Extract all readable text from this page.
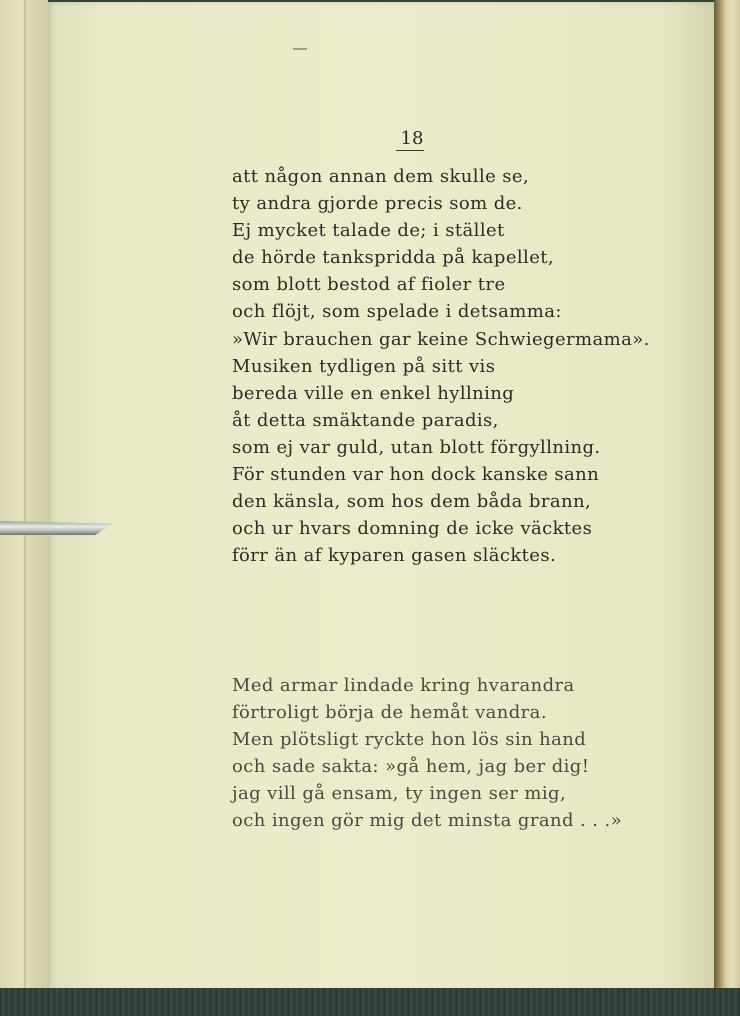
18
att någon annan dem skulle se,
ty andra gjorde precis som de.
Ej mycket talade de; i stället
de hörde tankspridda på kapellet,
som blott bestod af fioler tre
och flöjt, som spelade i detsamma:
»Wir brauchen gar keine Schwiegermama».
Musiken tydligen på sitt vis
bereda ville en enkel hyllning
åt detta smäktande paradis,
som ej var guld, utan blott förgyllning.
För stunden var hon dock kanske sann
den känsla, som hos dem båda brann,
och ur hvars domning de icke väcktes
förr än af kyparen gasen släcktes.
Med armar lindade kring hvarandra
förtroligt börja de hemåt vandra.
Men plötsligt ryckte hon lös sin hand
och sade sakta: »gå hem, jag ber dig!
jag vill gå ensam, ty ingen ser mig,
och ingen gör mig det minsta grand . . .»
